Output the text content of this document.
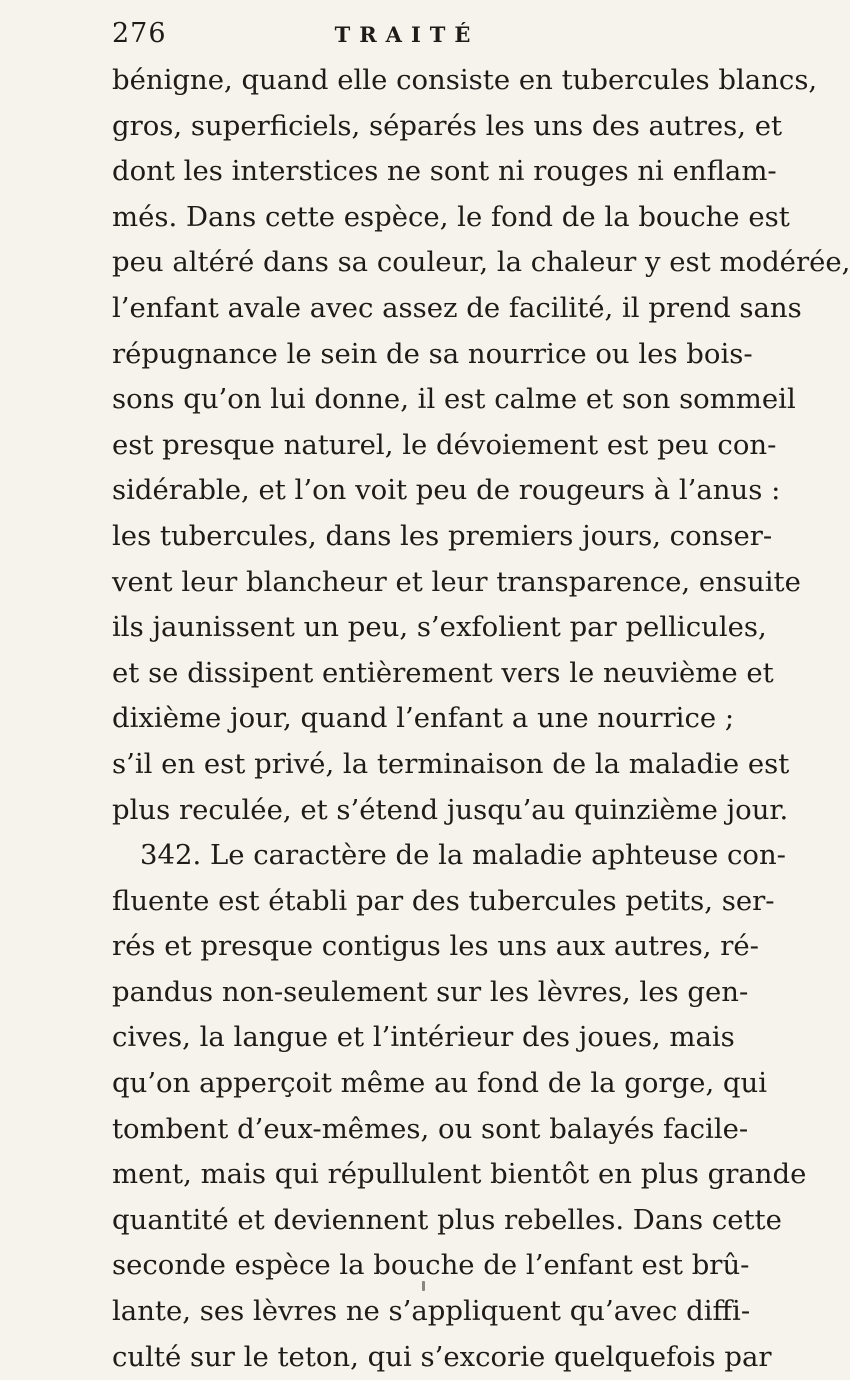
276	TRAITÉ
bénigne, quand elle consiste en tubercules blancs,
gros, superficiels, séparés les uns des autres, et
dont les interstices ne sont ni rouges ni enflam-
més. Dans cette espèce, le fond de la bouche est
peu altéré dans sa couleur, la chaleur y est modérée,
l’enfant avale avec assez de facilité, il prend sans
répugnance le sein de sa nourrice ou les bois-
sons qu’on lui donne, il est calme et son sommeil
est presque naturel, le dévoiement est peu con-
sidérable, et l’on voit peu de rougeurs à l’anus :
les tubercules, dans les premiers jours, conser-
vent leur blancheur et leur transparence, ensuite
ils jaunissent un peu, s’exfolient par pellicules,
et se dissipent entièrement vers le neuvième et
dixième jour, quand l’enfant a une nourrice ;
s’il en est privé, la terminaison de la maladie est
plus reculée, et s’étend jusqu’au quinzième jour.
342. Le caractère de la maladie aphteuse con-
fluente est établi par des tubercules petits, ser-
rés et presque contigus les uns aux autres, ré-
pandus non-seulement sur les lèvres, les gen-
cives, la langue et l’intérieur des joues, mais
qu’on apperçoit même au fond de la gorge, qui
tombent d’eux-mêmes, ou sont balayés facile-
ment, mais qui répullulent bientôt en plus grande
quantité et deviennent plus rebelles. Dans cette
seconde espèce la bouche de l’enfant est brû-
lante, ses lèvres ne s’appliquent qu’avec diffi-
culté sur le teton, qui s’excorie quelquefois par
